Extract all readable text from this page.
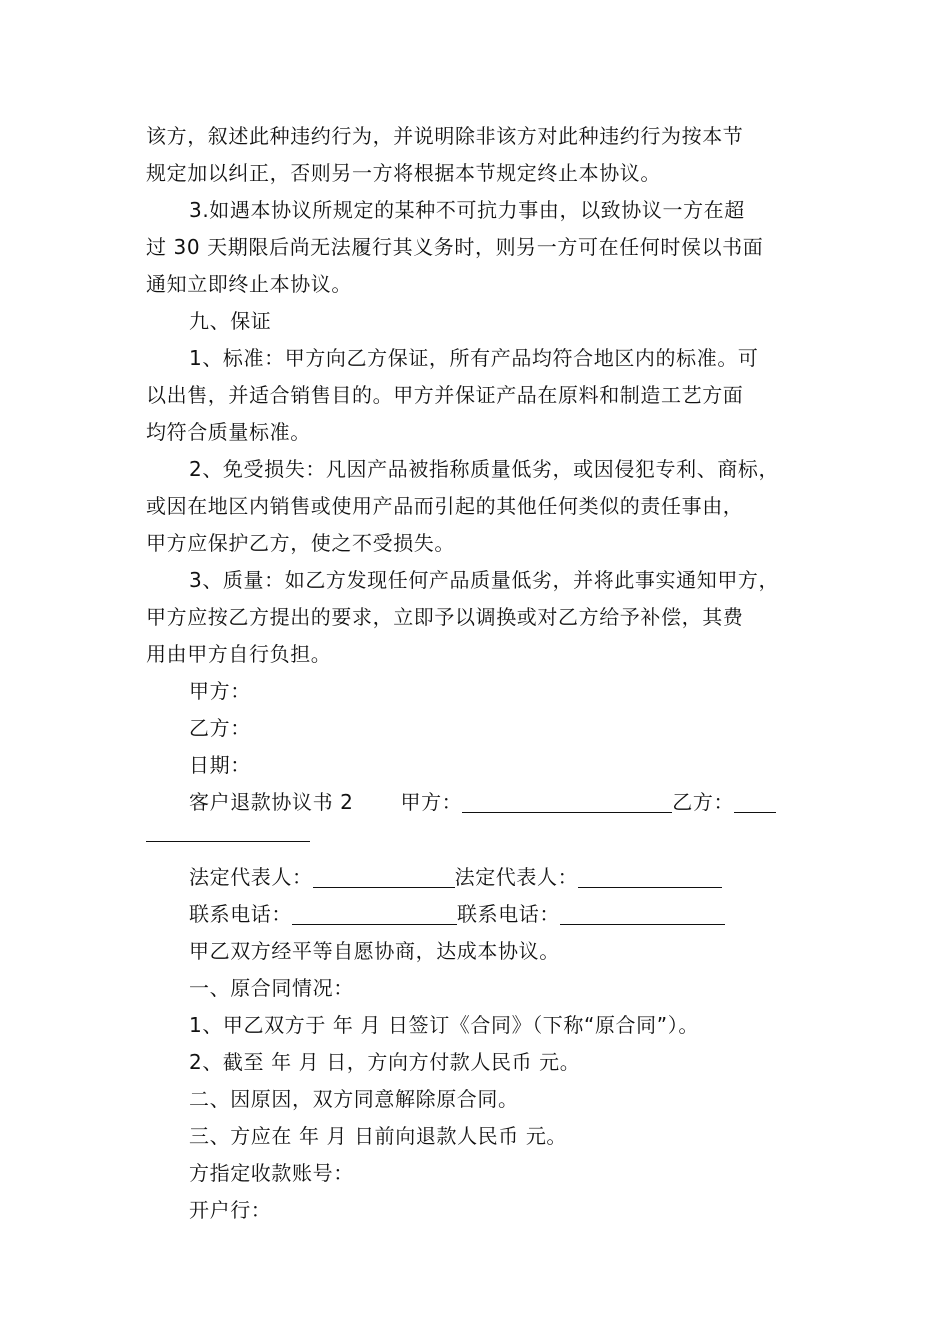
该方，叙述此种违约行为，并说明除非该方对此种违约行为按本节

规定加以纠正，否则另一方将根据本节规定终止本协议。

3.如遇本协议所规定的某种不可抗力事由，以致协议一方在超

过 30 天期限后尚无法履行其义务时，则另一方可在任何时侯以书面

通知立即终止本协议。

九、保证

1、标准：甲方向乙方保证，所有产品均符合地区内的标准。可

以出售，并适合销售目的。甲方并保证产品在原料和制造工艺方面

均符合质量标准。

2、免受损失：凡因产品被指称质量低劣，或因侵犯专利、商标，

或因在地区内销售或使用产品而引起的其他任何类似的责任事由，

甲方应保护乙方，使之不受损失。

3、质量：如乙方发现任何产品质量低劣，并将此事实通知甲方，

甲方应按乙方提出的要求，立即予以调换或对乙方给予补偿，其费

用由甲方自行负担。

甲方：

乙方：

日期：

客户退款协议书 2 甲方：	乙方：

法定代表人：	法定代表人：

联系电话：	联系电话：

甲乙双方经平等自愿协商，达成本协议。

一、原合同情况：

1、甲乙双方于 年 月 日签订《合同》（下称“原合同”）。

2、截至 年 月 日，方向方付款人民币 元。

二、因原因，双方同意解除原合同。

三、方应在 年 月 日前向退款人民币 元。

方指定收款账号：

开户行：
